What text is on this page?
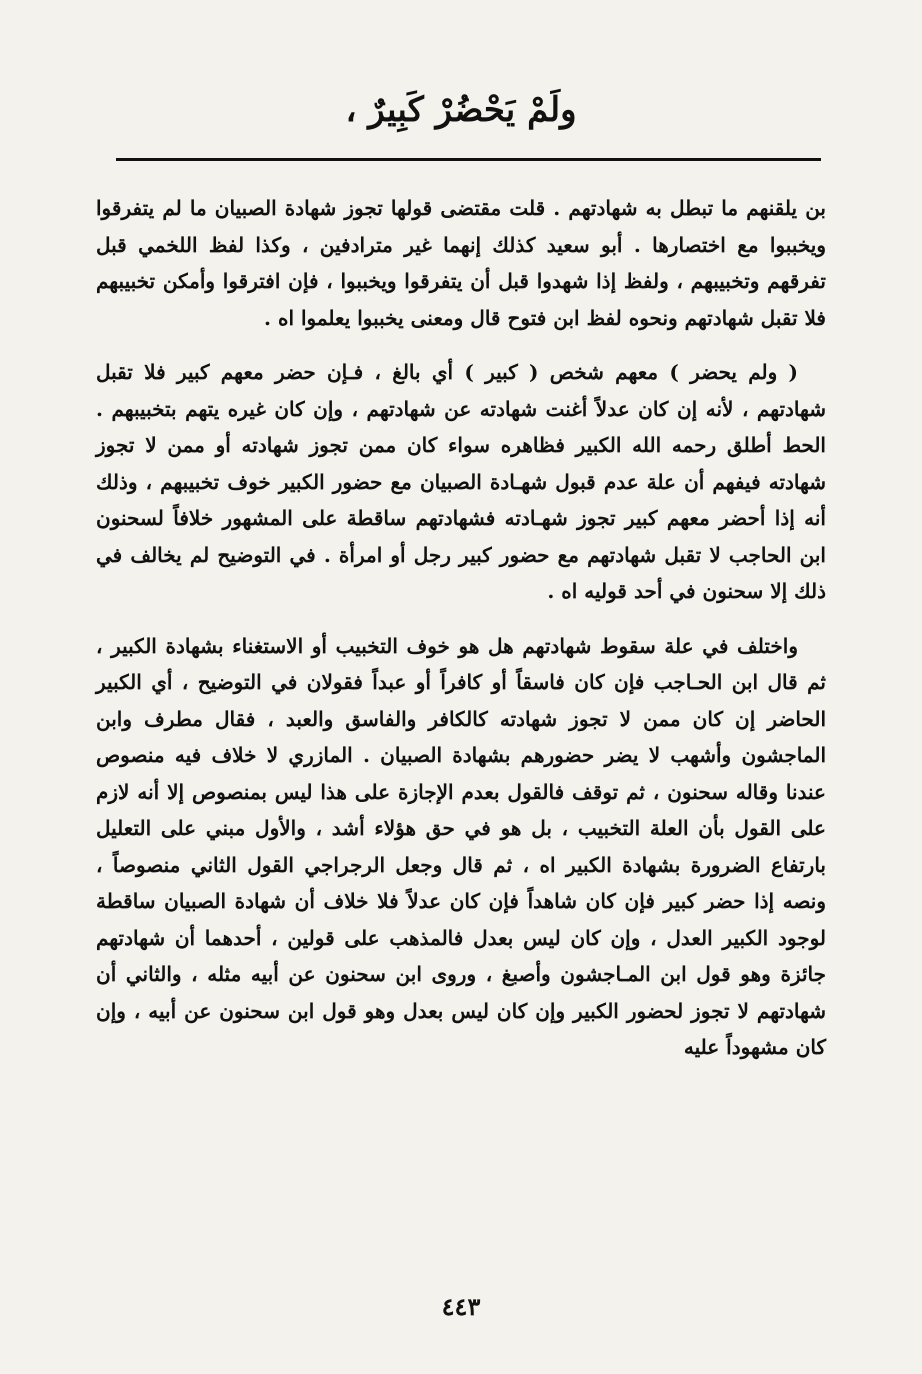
ولَمْ يَحْضُرْ كَبِيرٌ ،

بن يلقنهم ما تبطل به شهادتهم . قلت مقتضى قولها تجوز شهادة الصبيان ما لم يتفرقوا ويخببوا مع اختصارها . أبو سعيد كذلك إنهما غير مترادفين ، وكذا لفظ اللخمي قبل تفرقهم وتخبيبهم ، ولفظ إذا شهدوا قبل أن يتفرقوا ويخببوا ، فإن افترقوا وأمكن تخبيبهم فلا تقبل شهادتهم ونحوه لفظ ابن فتوح قال ومعنى يخببوا يعلموا اه .

( ولم يحضر ) معهم شخص ( كبير ) أي بالغ ، فـإن حضر معهم كبير فلا تقبل شهادتهم ، لأنه إن كان عدلاً أغنت شهادته عن شهادتهم ، وإن كان غيره يتهم بتخبيبهم . الحط أطلق رحمه الله الكبير فظاهره سواء كان ممن تجوز شهادته أو ممن لا تجوز شهادته فيفهم أن علة عدم قبول شهـادة الصبيان مع حضور الكبير خوف تخبيبهم ، وذلك أنه إذا أحضر معهم كبير تجوز شهـادته فشهادتهم ساقطة على المشهور خلافاً لسحنون ابن الحاجب لا تقبل شهادتهم مع حضور كبير رجل أو امرأة . في التوضيح لم يخالف في ذلك إلا سحنون في أحد قوليه اه .

واختلف في علة سقوط شهادتهم هل هو خوف التخبيب أو الاستغناء بشهادة الكبير ، ثم قال ابن الحـاجب فإن كان فاسقاً أو كافراً أو عبداً فقولان في التوضيح ، أي الكبير الحاضر إن كان ممن لا تجوز شهادته كالكافر والفاسق والعبد ، فقال مطرف وابن الماجشون وأشهب لا يضر حضورهم بشهادة الصبيان . المازري لا خلاف فيه منصوص عندنا وقاله سحنون ، ثم توقف فالقول بعدم الإجازة على هذا ليس بمنصوص إلا أنه لازم على القول بأن العلة التخبيب ، بل هو في حق هؤلاء أشد ، والأول مبني على التعليل بارتفاع الضرورة بشهادة الكبير اه ، ثم قال وجعل الرجراجي القول الثاني منصوصاً ، ونصه إذا حضر كبير فإن كان شاهداً فإن كان عدلاً فلا خلاف أن شهادة الصبيان ساقطة لوجود الكبير العدل ، وإن كان ليس بعدل فالمذهب على قولين ، أحدهما أن شهادتهم جائزة وهو قول ابن المـاجشون وأصبغ ، وروى ابن سحنون عن أبيه مثله ، والثاني أن شهادتهم لا تجوز لحضور الكبير وإن كان ليس بعدل وهو قول ابن سحنون عن أبيه ، وإن كان مشهوداً عليه

٤٤٣
